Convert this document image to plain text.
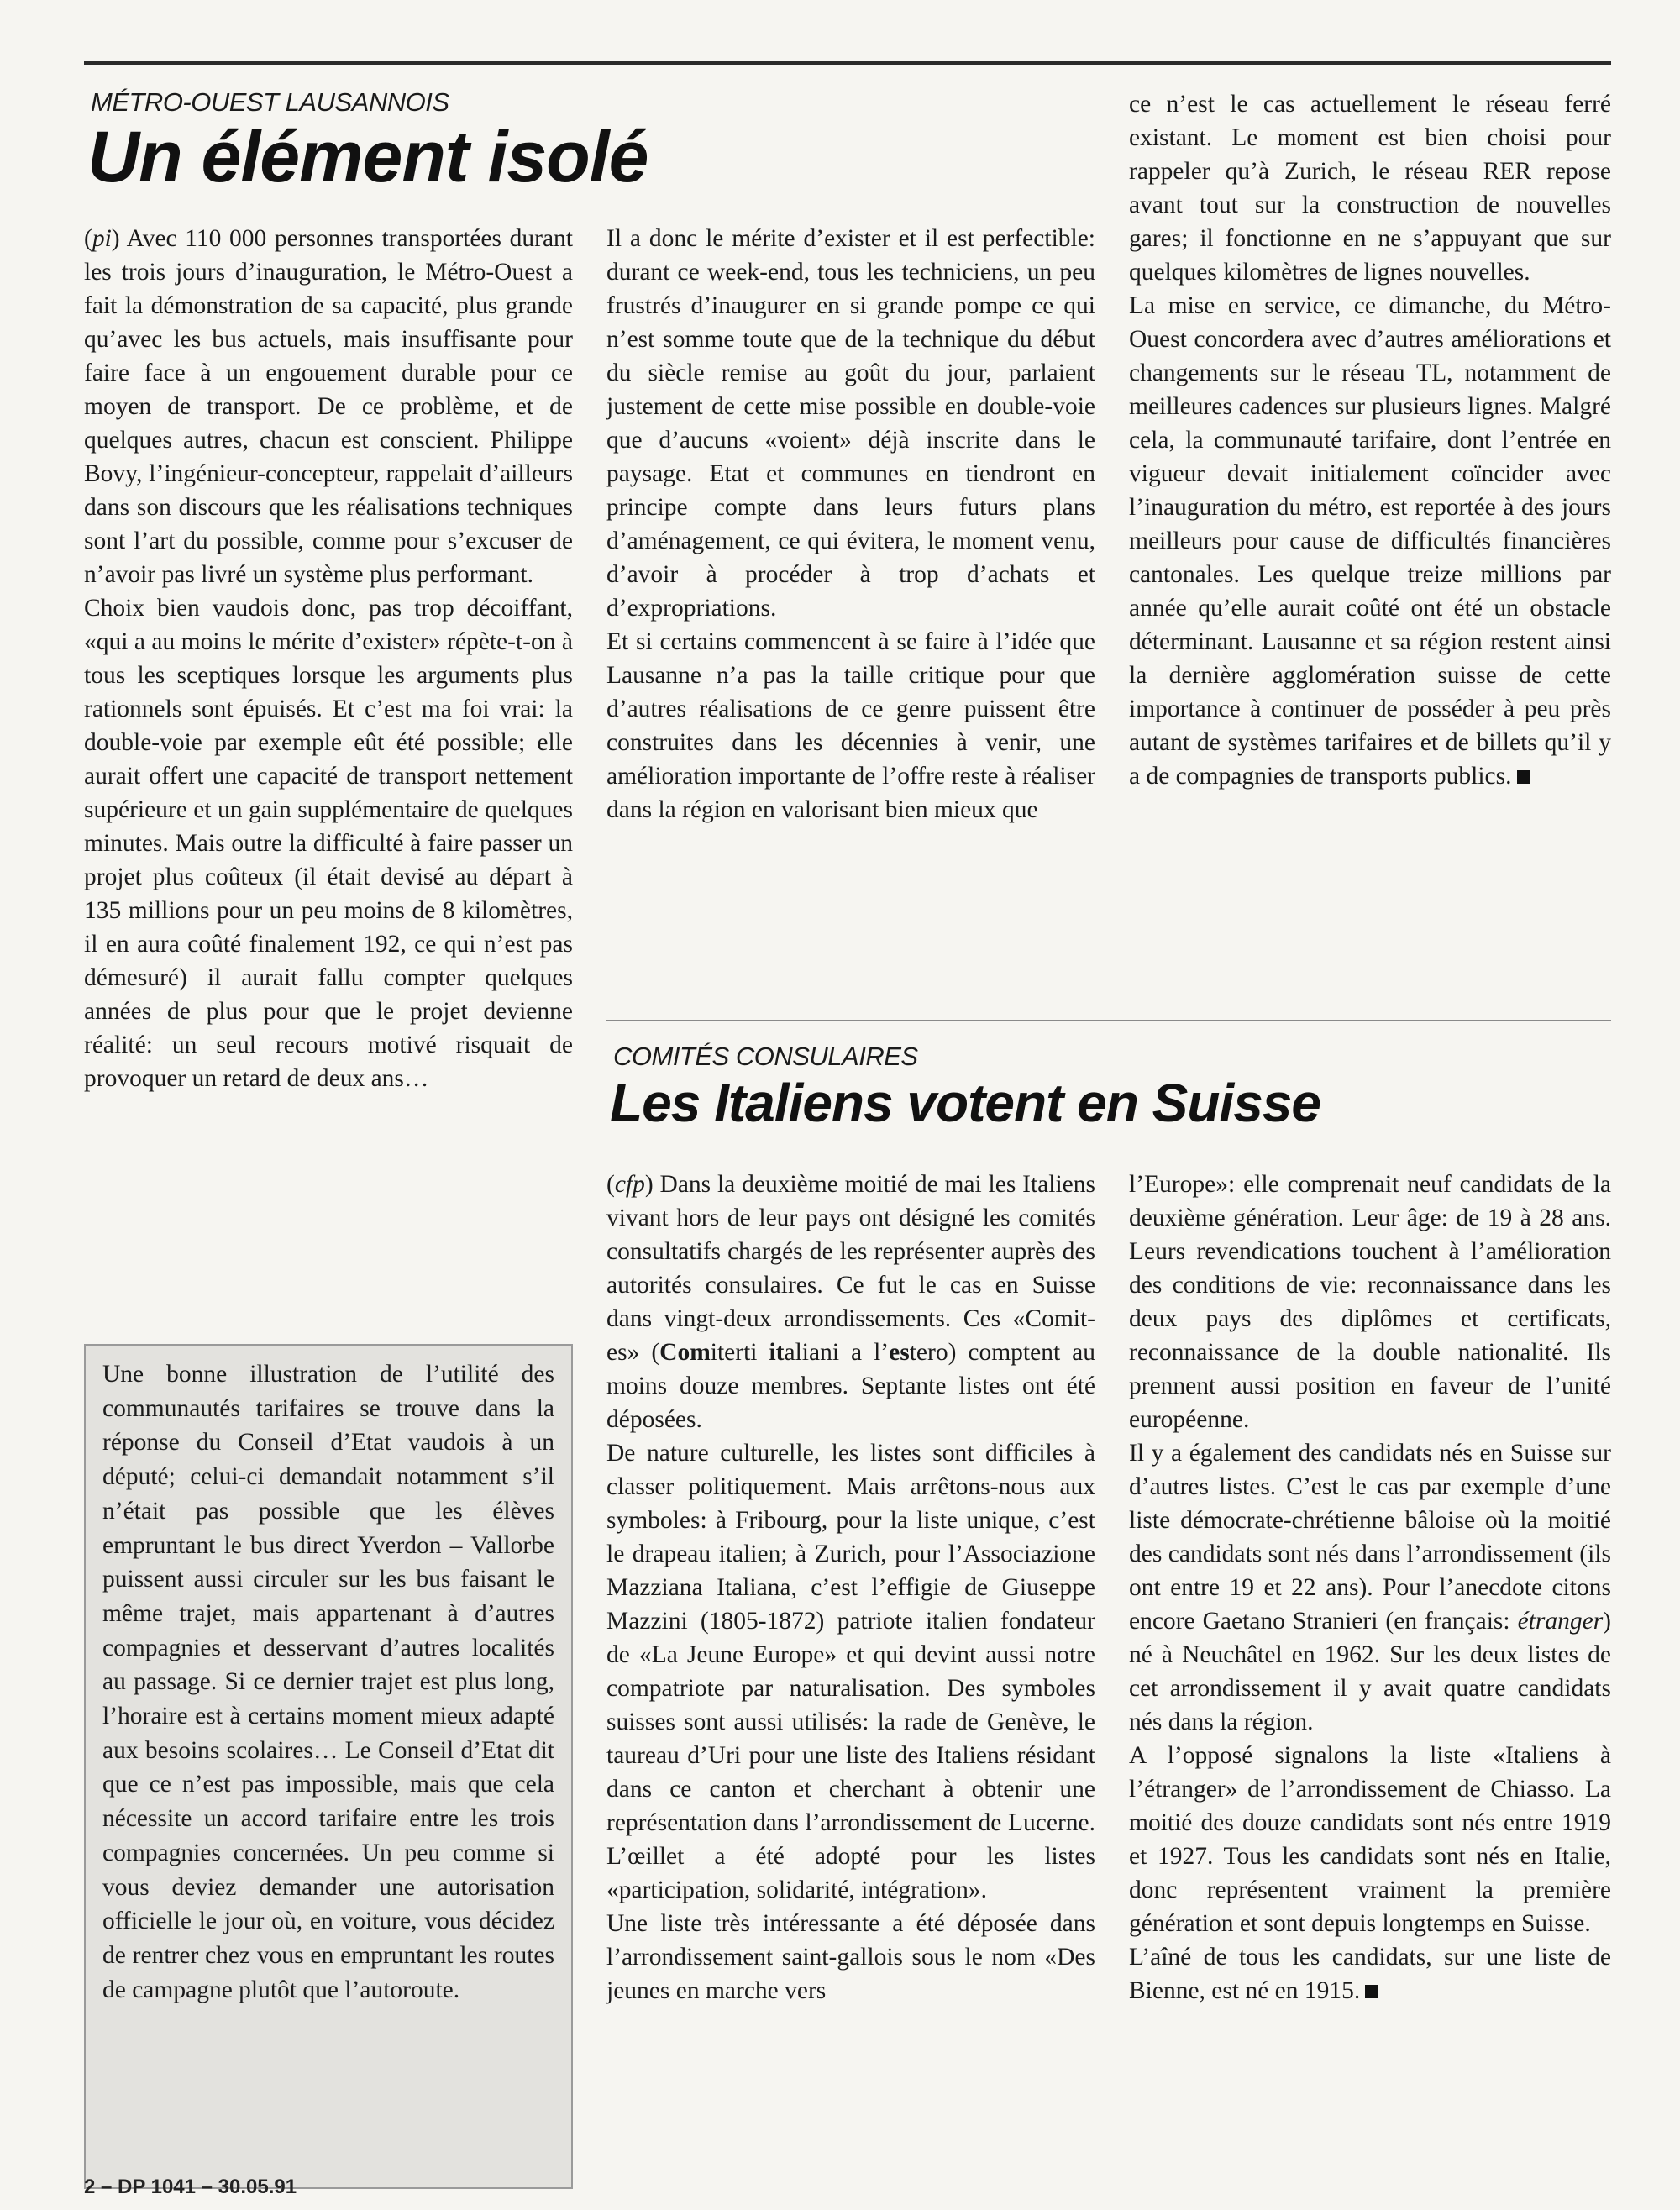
MÉTRO-OUEST LAUSANNOIS
Un élément isolé

(pi) Avec 110 000 personnes transportées durant les trois jours d’inauguration, le Métro-Ouest a fait la démonstration de sa capacité, plus grande qu’avec les bus actuels, mais insuffisante pour faire face à un engouement durable pour ce moyen de transport. De ce problème, et de quelques autres, chacun est conscient. Philippe Bovy, l’ingénieur-concepteur, rappelait d’ailleurs dans son discours que les réalisations techniques sont l’art du possible, comme pour s’excuser de n’avoir pas livré un système plus performant.

Choix bien vaudois donc, pas trop décoiffant, «qui a au moins le mérite d’exister» répète-t-on à tous les sceptiques lorsque les arguments plus rationnels sont épuisés. Et c’est ma foi vrai: la double-voie par exemple eût été possible; elle aurait offert une capacité de transport nettement supérieure et un gain supplémentaire de quelques minutes. Mais outre la difficulté à faire passer un projet plus coûteux (il était devisé au départ à 135 millions pour un peu moins de 8 kilomètres, il en aura coûté finalement 192, ce qui n’est pas démesuré) il aurait fallu compter quelques années de plus pour que le projet devienne réalité: un seul recours motivé risquait de provoquer un retard de deux ans…

Il a donc le mérite d’exister et il est perfectible: durant ce week-end, tous les techniciens, un peu frustrés d’inaugurer en si grande pompe ce qui n’est somme toute que de la technique du début du siècle remise au goût du jour, parlaient justement de cette mise possible en double-voie que d’aucuns «voient» déjà inscrite dans le paysage. Etat et communes en tiendront en principe compte dans leurs futurs plans d’aménagement, ce qui évitera, le moment venu, d’avoir à procéder à trop d’achats et d’expropriations.

Et si certains commencent à se faire à l’idée que Lausanne n’a pas la taille critique pour que d’autres réalisations de ce genre puissent être construites dans les décennies à venir, une amélioration importante de l’offre reste à réaliser dans la région en valorisant bien mieux que

ce n’est le cas actuellement le réseau ferré existant. Le moment est bien choisi pour rappeler qu’à Zurich, le réseau RER repose avant tout sur la construction de nouvelles gares; il fonctionne en ne s’appuyant que sur quelques kilomètres de lignes nouvelles.

La mise en service, ce dimanche, du Métro-Ouest concordera avec d’autres améliorations et changements sur le réseau TL, notamment de meilleures cadences sur plusieurs lignes. Malgré cela, la communauté tarifaire, dont l’entrée en vigueur devait initialement coïncider avec l’inauguration du métro, est reportée à des jours meilleurs pour cause de difficultés financières cantonales. Les quelque treize millions par année qu’elle aurait coûté ont été un obstacle déterminant. Lausanne et sa région restent ainsi la dernière agglomération suisse de cette importance à continuer de posséder à peu près autant de systèmes tarifaires et de billets qu’il y a de compagnies de transports publics.

Une bonne illustration de l’utilité des communautés tarifaires se trouve dans la réponse du Conseil d’Etat vaudois à un député; celui-ci demandait notamment s’il n’était pas possible que les élèves empruntant le bus direct Yverdon – Vallorbe puissent aussi circuler sur les bus faisant le même trajet, mais appartenant à d’autres compagnies et desservant d’autres localités au passage. Si ce dernier trajet est plus long, l’horaire est à certains moment mieux adapté aux besoins scolaires… Le Conseil d’Etat dit que ce n’est pas impossible, mais que cela nécessite un accord tarifaire entre les trois compagnies concernées. Un peu comme si vous deviez demander une autorisation officielle le jour où, en voiture, vous décidez de rentrer chez vous en empruntant les routes de campagne plutôt que l’autoroute.

COMITÉS CONSULAIRES
Les Italiens votent en Suisse

(cfp) Dans la deuxième moitié de mai les Italiens vivant hors de leur pays ont désigné les comités consultatifs chargés de les représenter auprès des autorités consulaires. Ce fut le cas en Suisse dans vingt-deux arrondissements. Ces «Comit-es» (Comiterti italiani a l’estero) comptent au moins douze membres. Septante listes ont été déposées.

De nature culturelle, les listes sont difficiles à classer politiquement. Mais arrêtons-nous aux symboles: à Fribourg, pour la liste unique, c’est le drapeau italien; à Zurich, pour l’Associazione Mazziana Italiana, c’est l’effigie de Giuseppe Mazzini (1805-1872) patriote italien fondateur de «La Jeune Europe» et qui devint aussi notre compatriote par naturalisation. Des symboles suisses sont aussi utilisés: la rade de Genève, le taureau d’Uri pour une liste des Italiens résidant dans ce canton et cherchant à obtenir une représentation dans l’arrondissement de Lucerne. L’œillet a été adopté pour les listes «participation, solidarité, intégration».

Une liste très intéressante a été déposée dans l’arrondissement saint-gallois sous le nom «Des jeunes en marche vers

l’Europe»: elle comprenait neuf candidats de la deuxième génération. Leur âge: de 19 à 28 ans. Leurs revendications touchent à l’amélioration des conditions de vie: reconnaissance dans les deux pays des diplômes et certificats, reconnaissance de la double nationalité. Ils prennent aussi position en faveur de l’unité européenne.

Il y a également des candidats nés en Suisse sur d’autres listes. C’est le cas par exemple d’une liste démocrate-chrétienne bâloise où la moitié des candidats sont nés dans l’arrondissement (ils ont entre 19 et 22 ans). Pour l’anecdote citons encore Gaetano Stranieri (en français: étranger) né à Neuchâtel en 1962. Sur les deux listes de cet arrondissement il y avait quatre candidats nés dans la région.

A l’opposé signalons la liste «Italiens à l’étranger» de l’arrondissement de Chiasso. La moitié des douze candidats sont nés entre 1919 et 1927. Tous les candidats sont nés en Italie, donc représentent vraiment la première génération et sont depuis longtemps en Suisse.

L’aîné de tous les candidats, sur une liste de Bienne, est né en 1915.

2 – DP 1041 – 30.05.91
